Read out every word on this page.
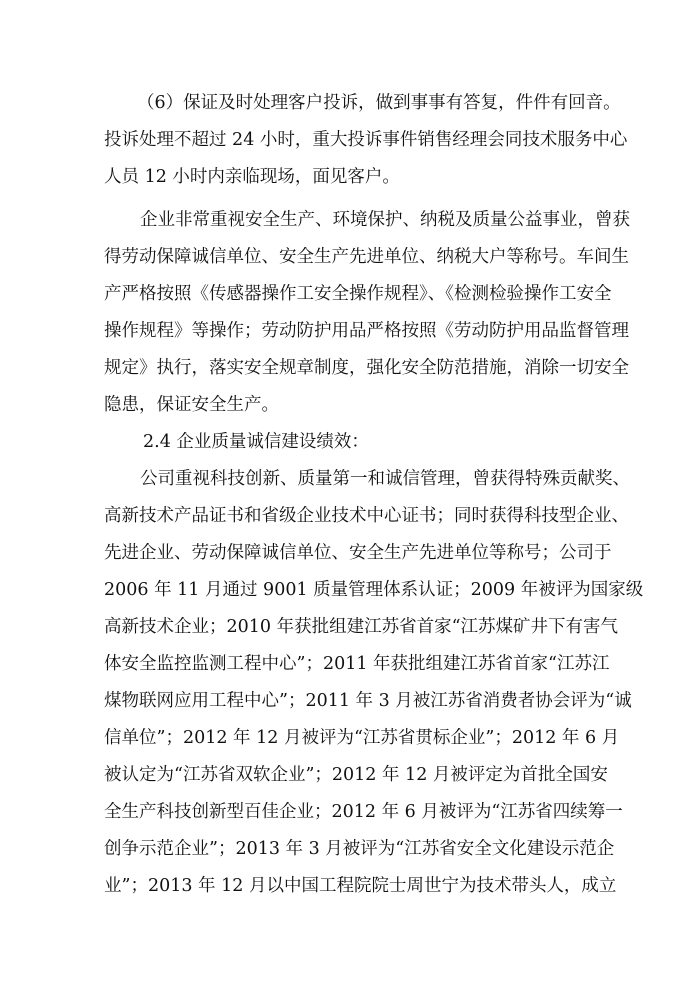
（6）保证及时处理客户投诉，做到事事有答复，件件有回音。
投诉处理不超过 24 小时，重大投诉事件销售经理会同技术服务中心
人员 12 小时内亲临现场，面见客户。
企业非常重视安全生产、环境保护、纳税及质量公益事业，曾获
得劳动保障诚信单位、安全生产先进单位、纳税大户等称号。车间生
产严格按照《传感器操作工安全操作规程》、《检测检验操作工安全
操作规程》等操作；劳动防护用品严格按照《劳动防护用品监督管理
规定》执行，落实安全规章制度，强化安全防范措施，消除一切安全
隐患，保证安全生产。
2.4 企业质量诚信建设绩效：
公司重视科技创新、质量第一和诚信管理，曾获得特殊贡献奖、
高新技术产品证书和省级企业技术中心证书；同时获得科技型企业、
先进企业、劳动保障诚信单位、安全生产先进单位等称号；公司于
2006 年 11 月通过 9001 质量管理体系认证；2009 年被评为国家级
高新技术企业；2010 年获批组建江苏省首家“江苏煤矿井下有害气
体安全监控监测工程中心”；2011 年获批组建江苏省首家“江苏江
煤物联网应用工程中心”；2011 年 3 月被江苏省消费者协会评为“诚
信单位”；2012 年 12 月被评为“江苏省贯标企业”；2012 年 6 月
被认定为“江苏省双软企业”；2012 年 12 月被评定为首批全国安
全生产科技创新型百佳企业；2012 年 6 月被评为“江苏省四续筹一
创争示范企业”；2013 年 3 月被评为“江苏省安全文化建设示范企
业”；2013 年 12 月以中国工程院院士周世宁为技术带头人，成立
